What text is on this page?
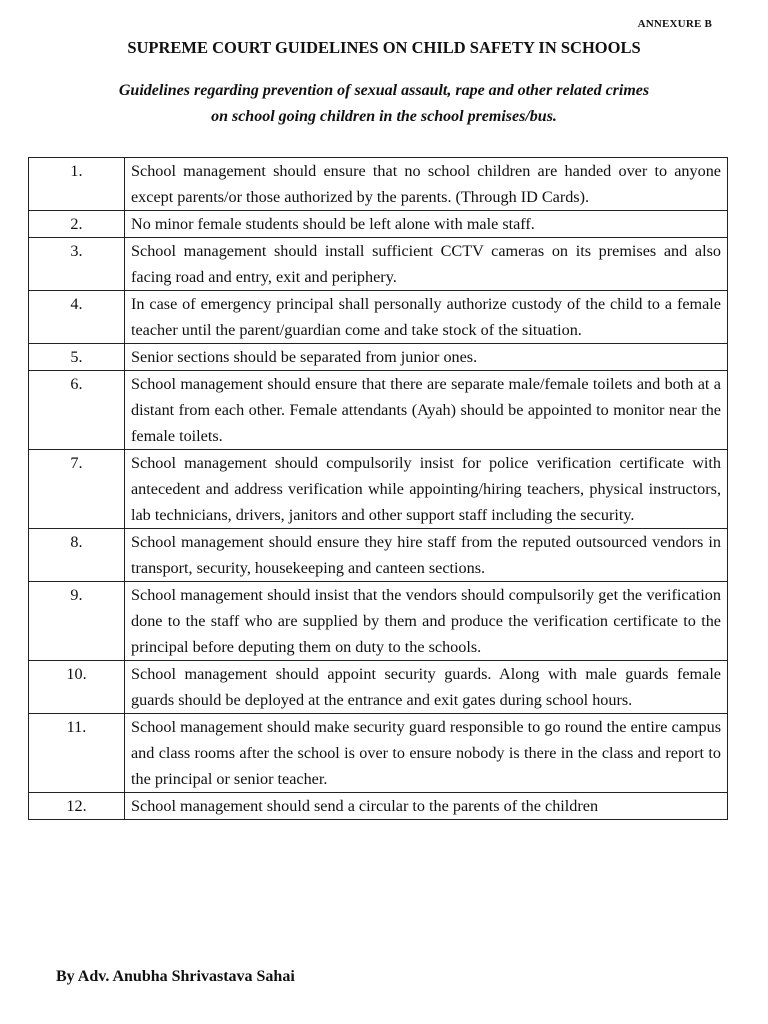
ANNEXURE B
SUPREME COURT GUIDELINES ON CHILD SAFETY IN SCHOOLS
Guidelines regarding prevention of sexual assault, rape and other related crimes
on school going children in the school premises/bus.
1.	School management should ensure that no school children are handed over to anyone except parents/or those authorized by the parents. (Through ID Cards).
2.	No minor female students should be left alone with male staff.
3.	School management should install sufficient CCTV cameras on its premises and also facing road and entry, exit and periphery.
4.	In case of emergency principal shall personally authorize custody of the child to a female teacher until the parent/guardian come and take stock of the situation.
5.	Senior sections should be separated from junior ones.
6.	School management should ensure that there are separate male/female toilets and both at a distant from each other. Female attendants (Ayah) should be appointed to monitor near the female toilets.
7.	School management should compulsorily insist for police verification certificate with antecedent and address verification while appointing/hiring teachers, physical instructors, lab technicians, drivers, janitors and other support staff including the security.
8.	School management should ensure they hire staff from the reputed outsourced vendors in transport, security, housekeeping and canteen sections.
9.	School management should insist that the vendors should compulsorily get the verification done to the staff who are supplied by them and produce the verification certificate to the principal before deputing them on duty to the schools.
10.	School management should appoint security guards. Along with male guards female guards should be deployed at the entrance and exit gates during school hours.
11.	School management should make security guard responsible to go round the entire campus and class rooms after the school is over to ensure nobody is there in the class and report to the principal or senior teacher.
12.	School management should send a circular to the parents of the children
By Adv. Anubha Shrivastava Sahai
